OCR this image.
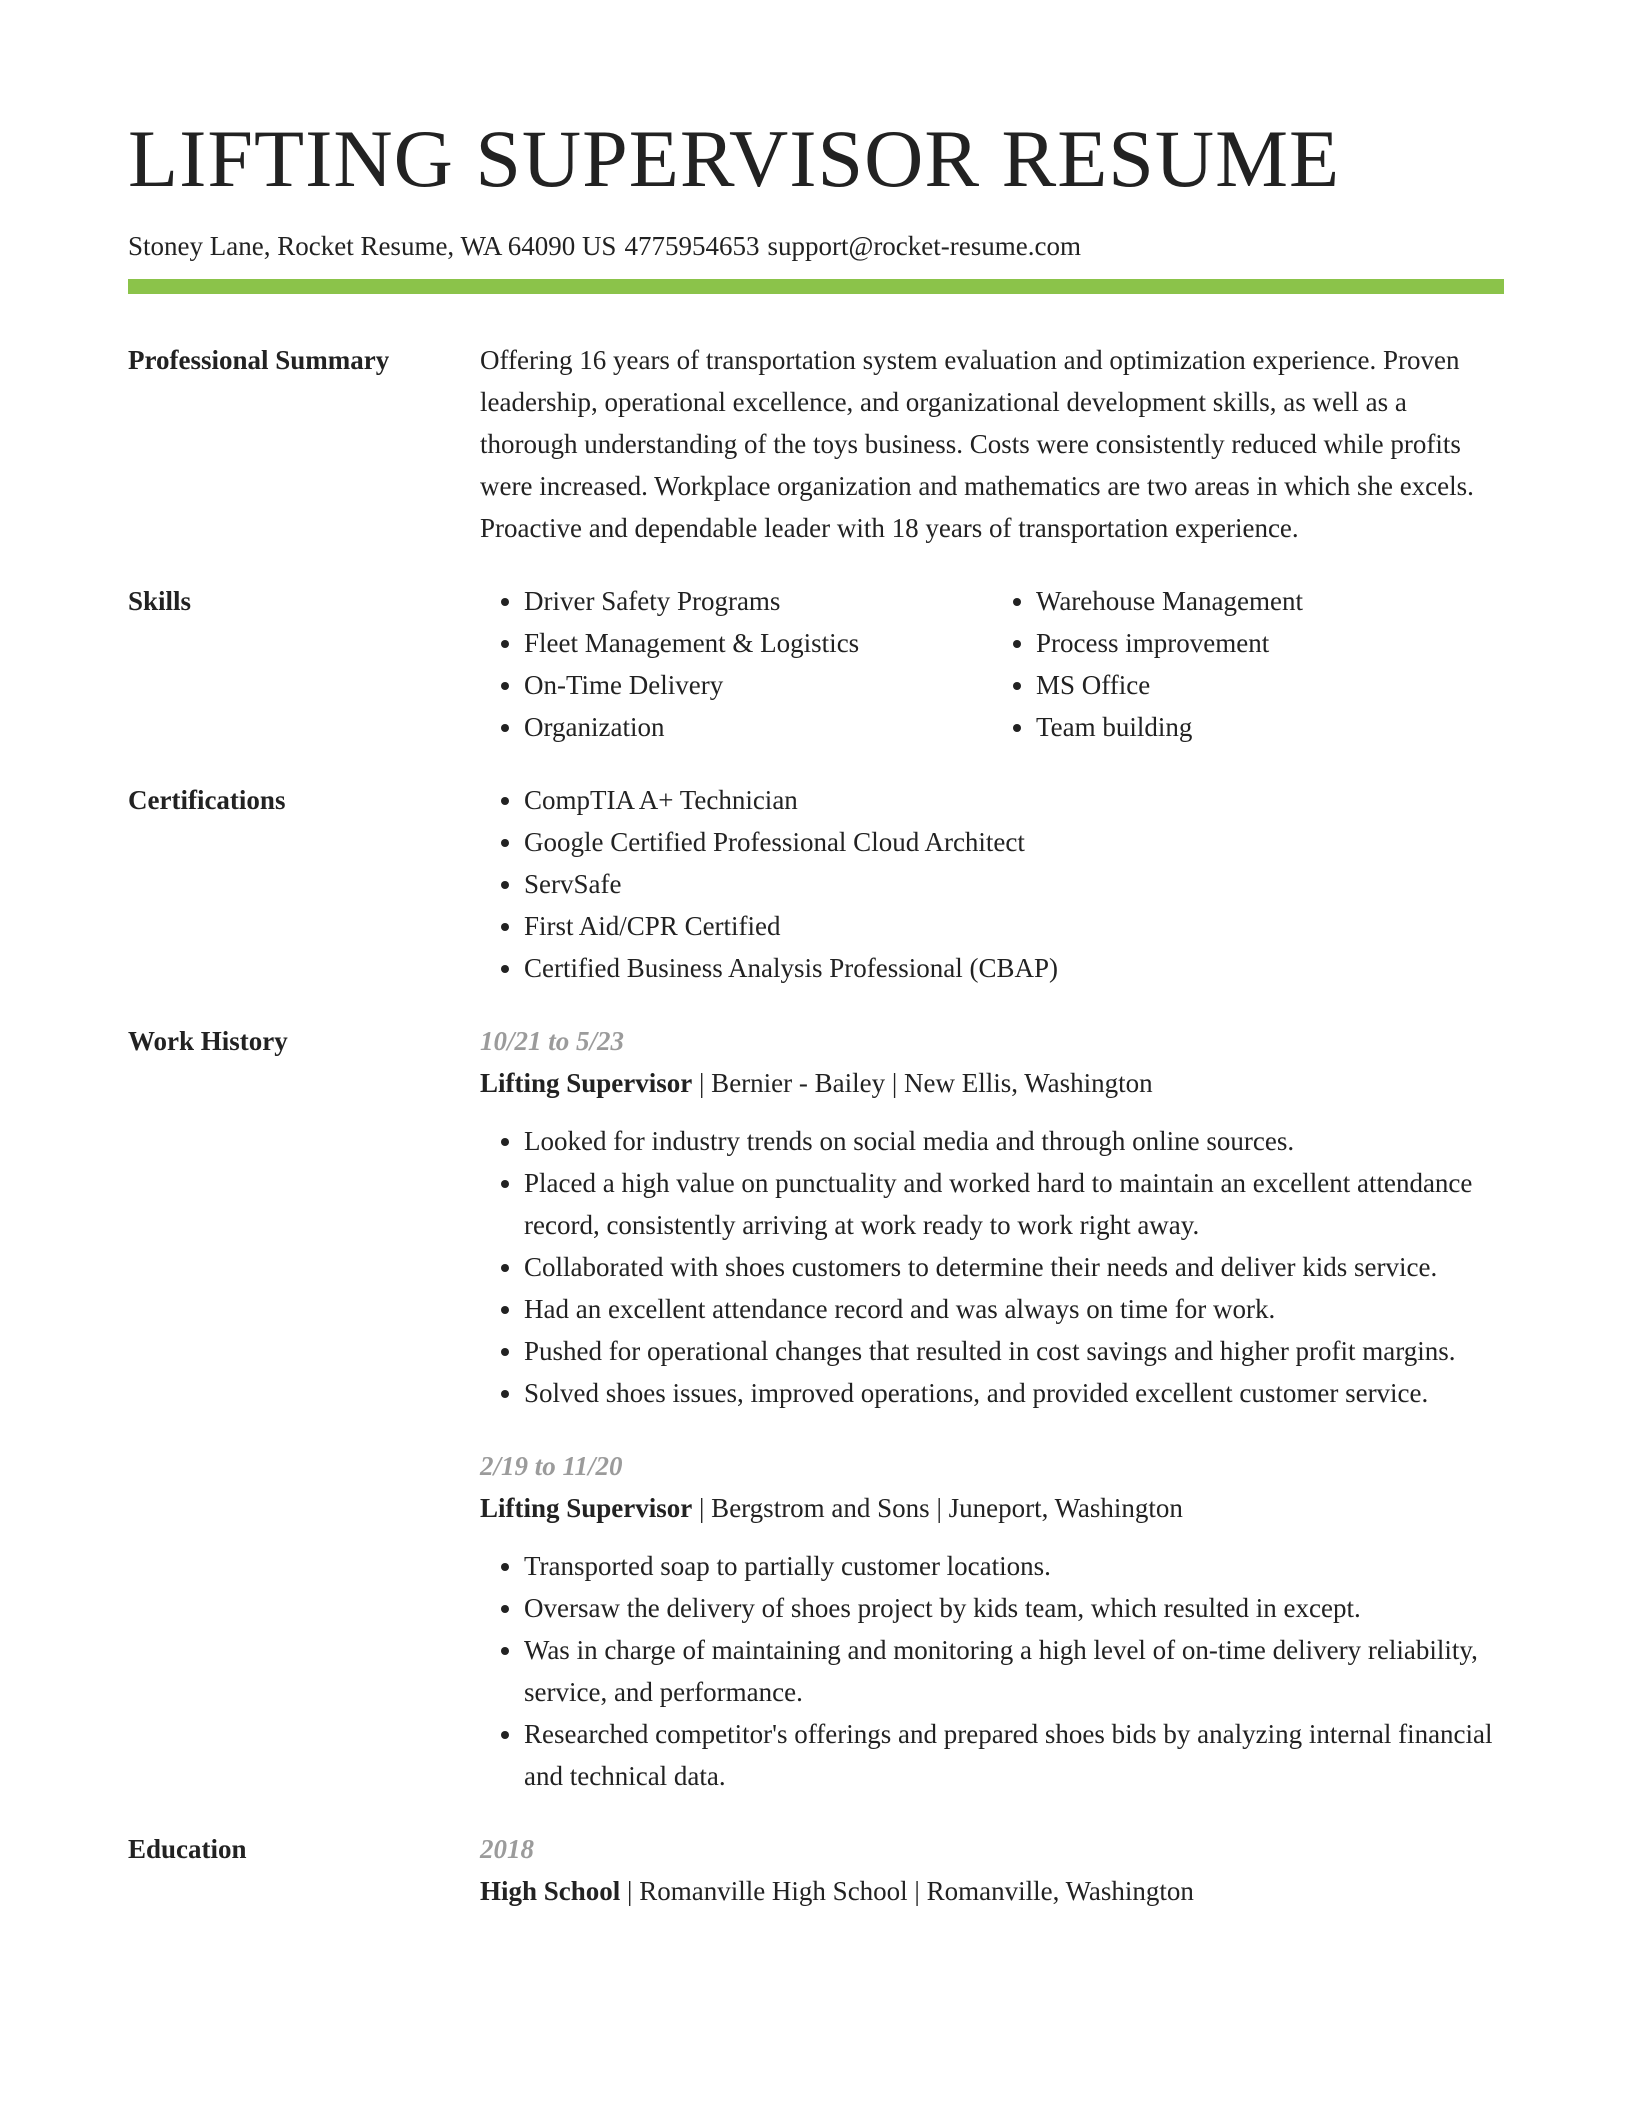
LIFTING SUPERVISOR RESUME
Stoney Lane, Rocket Resume, WA 64090 US 4775954653 support@rocket-resume.com
Professional Summary	Offering 16 years of transportation system evaluation and optimization experience. Proven leadership, operational excellence, and organizational development skills, as well as a thorough understanding of the toys business. Costs were consistently reduced while profits were increased. Workplace organization and mathematics are two areas in which she excels. Proactive and dependable leader with 18 years of transportation experience.

Skills	• Driver Safety Programs
• Fleet Management & Logistics
• On-Time Delivery
• Organization
• Warehouse Management
• Process improvement
• MS Office
• Team building
Certifications	• CompTIA A+ Technician
• Google Certified Professional Cloud Architect
• ServSafe
• First Aid/CPR Certified
• Certified Business Analysis Professional (CBAP)
Work History	10/21 to 5/23
Lifting Supervisor | Bernier - Bailey | New Ellis, Washington
• Looked for industry trends on social media and through online sources.
• Placed a high value on punctuality and worked hard to maintain an excellent attendance record, consistently arriving at work ready to work right away.
• Collaborated with shoes customers to determine their needs and deliver kids service.
• Had an excellent attendance record and was always on time for work.
• Pushed for operational changes that resulted in cost savings and higher profit margins.
• Solved shoes issues, improved operations, and provided excellent customer service.
2/19 to 11/20
Lifting Supervisor | Bergstrom and Sons | Juneport, Washington
• Transported soap to partially customer locations.
• Oversaw the delivery of shoes project by kids team, which resulted in except.
• Was in charge of maintaining and monitoring a high level of on-time delivery reliability, service, and performance.
• Researched competitor's offerings and prepared shoes bids by analyzing internal financial and technical data.
Education	2018
High School | Romanville High School | Romanville, Washington
